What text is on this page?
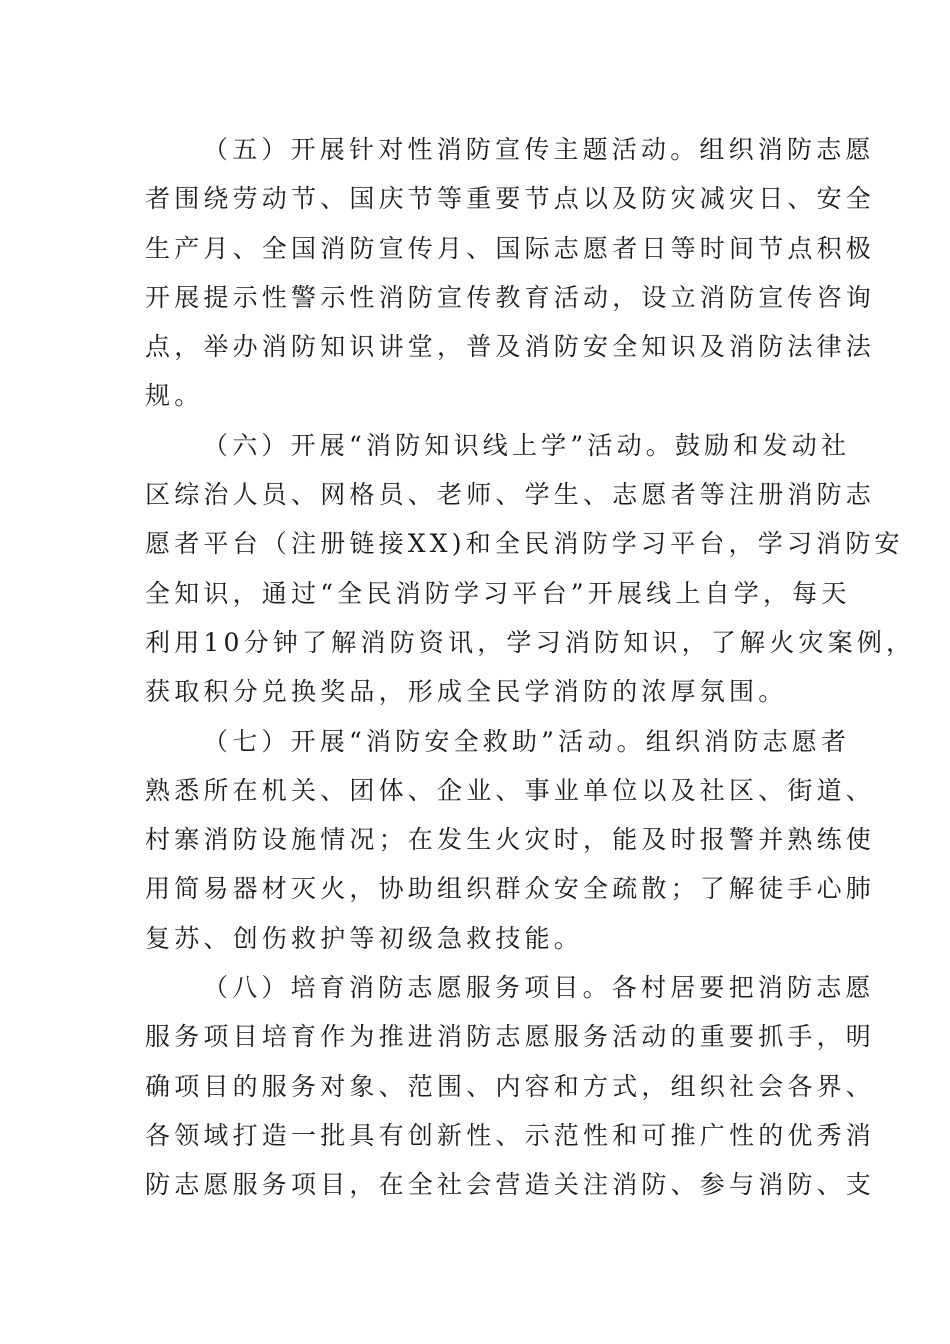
（五）开展针对性消防宣传主题活动。组织消防志愿
者围绕劳动节、国庆节等重要节点以及防灾减灾日、安全
生产月、全国消防宣传月、国际志愿者日等时间节点积极
开展提示性警示性消防宣传教育活动，设立消防宣传咨询
点，举办消防知识讲堂，普及消防安全知识及消防法律法
规。
（六）开展“消防知识线上学”活动。鼓励和发动社
区综治人员、网格员、老师、学生、志愿者等注册消防志
愿者平台（注册链接XX)和全民消防学习平台，学习消防安
全知识，通过“全民消防学习平台”开展线上自学，每天
利用10分钟了解消防资讯，学习消防知识，了解火灾案例，
获取积分兑换奖品，形成全民学消防的浓厚氛围。
（七）开展“消防安全救助”活动。组织消防志愿者
熟悉所在机关、团体、企业、事业单位以及社区、街道、
村寨消防设施情况；在发生火灾时，能及时报警并熟练使
用简易器材灭火，协助组织群众安全疏散；了解徒手心肺
复苏、创伤救护等初级急救技能。
（八）培育消防志愿服务项目。各村居要把消防志愿
服务项目培育作为推进消防志愿服务活动的重要抓手，明
确项目的服务对象、范围、内容和方式，组织社会各界、
各领域打造一批具有创新性、示范性和可推广性的优秀消
防志愿服务项目，在全社会营造关注消防、参与消防、支
